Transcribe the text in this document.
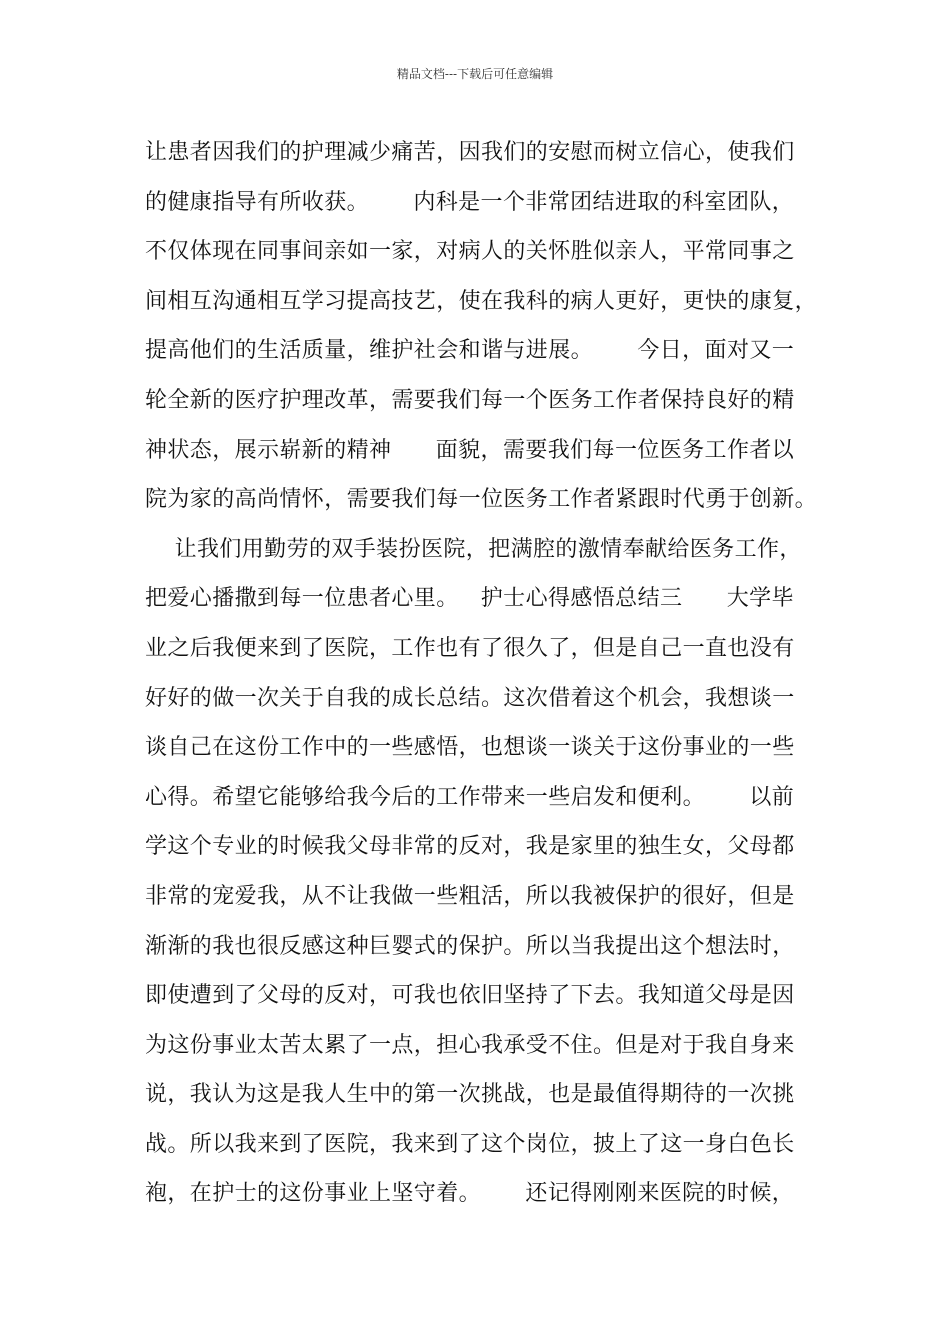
精品文档---下载后可任意编辑
让患者因我们的护理减少痛苦，因我们的安慰而树立信心，使我们
的健康指导有所收获。      内科是一个非常团结进取的科室团队，
不仅体现在同事间亲如一家，对病人的关怀胜似亲人，平常同事之
间相互沟通相互学习提高技艺，使在我科的病人更好，更快的康复，
提高他们的生活质量，维护社会和谐与进展。      今日，面对又一
轮全新的医疗护理改革，需要我们每一个医务工作者保持良好的精
神状态，展示崭新的精神      面貌，需要我们每一位医务工作者以
院为家的高尚情怀，需要我们每一位医务工作者紧跟时代勇于创新。
让我们用勤劳的双手装扮医院，把满腔的激情奉献给医务工作，
把爱心播撒到每一位患者心里。   护士心得感悟总结三      大学毕
业之后我便来到了医院，工作也有了很久了，但是自己一直也没有
好好的做一次关于自我的成长总结。这次借着这个机会，我想谈一
谈自己在这份工作中的一些感悟，也想谈一谈关于这份事业的一些
心得。希望它能够给我今后的工作带来一些启发和便利。      以前
学这个专业的时候我父母非常的反对，我是家里的独生女，父母都
非常的宠爱我，从不让我做一些粗活，所以我被保护的很好，但是
渐渐的我也很反感这种巨婴式的保护。所以当我提出这个想法时，
即使遭到了父母的反对，可我也依旧坚持了下去。我知道父母是因
为这份事业太苦太累了一点，担心我承受不住。但是对于我自身来
说，我认为这是我人生中的第一次挑战，也是最值得期待的一次挑
战。所以我来到了医院，我来到了这个岗位，披上了这一身白色长
袍，在护士的这份事业上坚守着。      还记得刚刚来医院的时候，
